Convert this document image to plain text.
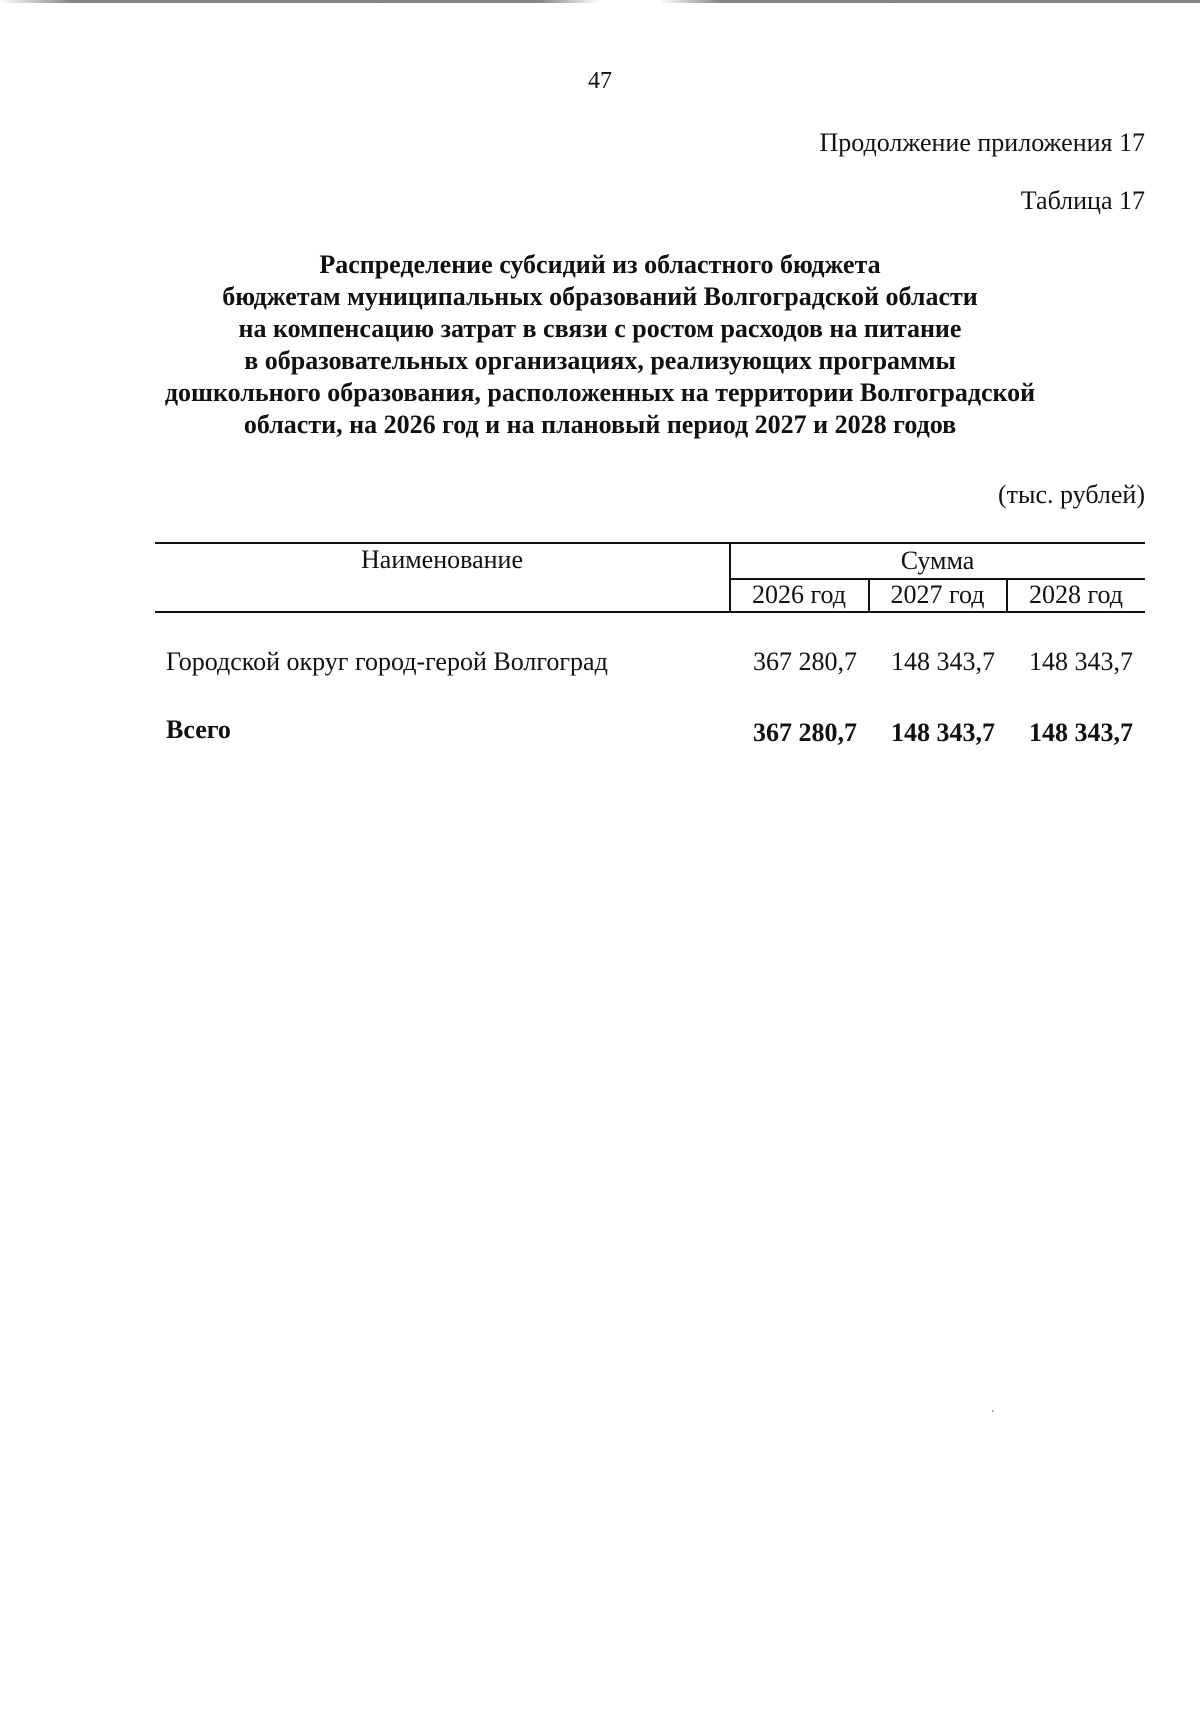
47
Продолжение приложения 17
Таблица 17
Распределение субсидий из областного бюджета
бюджетам муниципальных образований Волгоградской области
на компенсацию затрат в связи с ростом расходов на питание
в образовательных организациях, реализующих программы
дошкольного образования, расположенных на территории Волгоградской
области, на 2026 год и на плановый период 2027 и 2028 годов
(тыс. рублей)
Наименование	Сумма
2026 год	2027 год	2028 год
Городской округ город-герой Волгоград	367 280,7	148 343,7	148 343,7
Всего	367 280,7	148 343,7	148 343,7
